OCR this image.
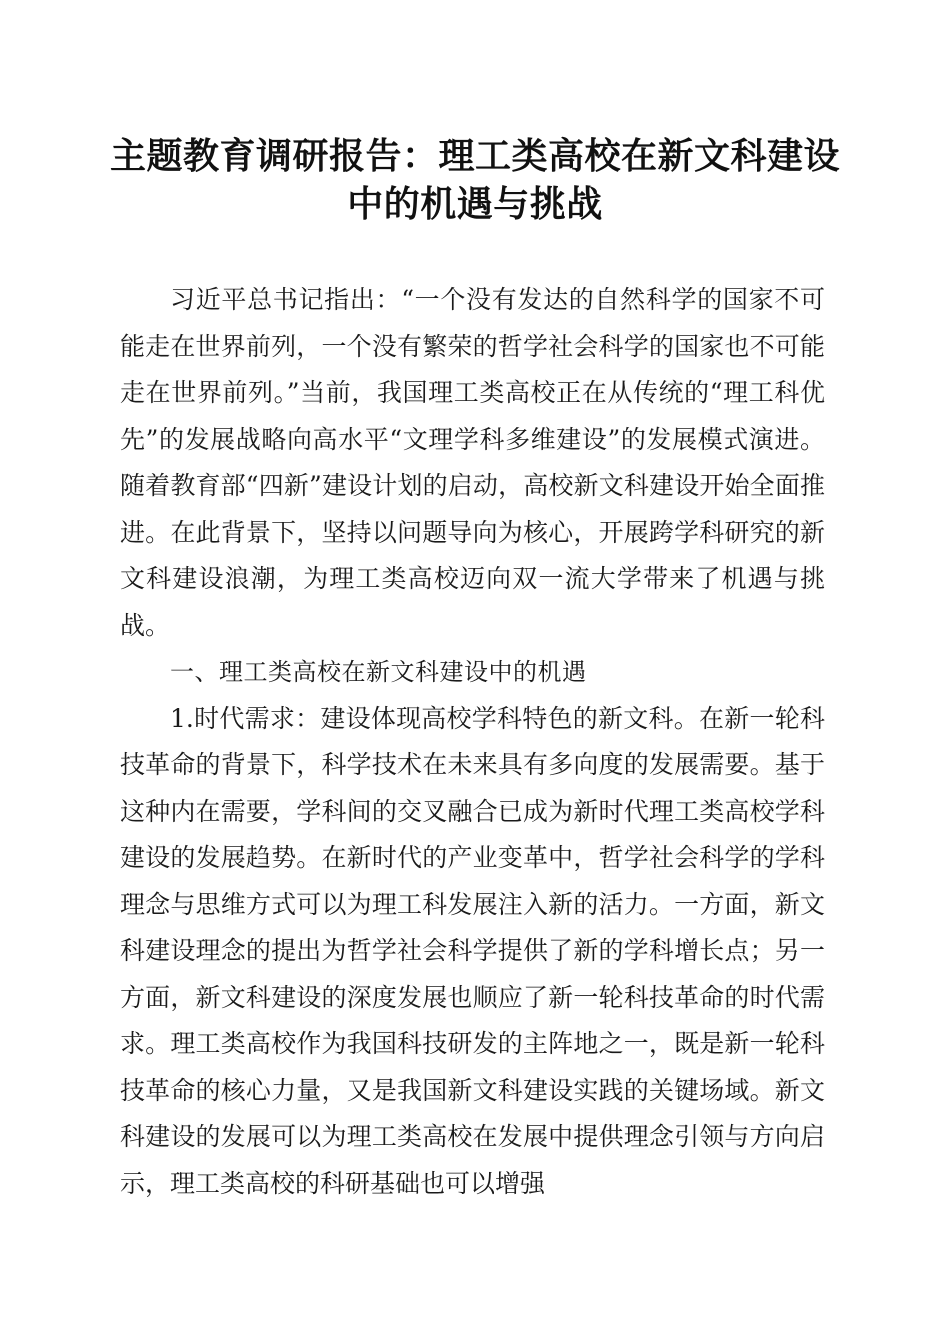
主题教育调研报告：理工类高校在新文科建设
中的机遇与挑战

习近平总书记指出：“一个没有发达的自然科学的国家不可能走在世界前列，一个没有繁荣的哲学社会科学的国家也不可能走在世界前列。”当前，我国理工类高校正在从传统的“理工科优先”的发展战略向高水平“文理学科多维建设”的发展模式演进。随着教育部“四新”建设计划的启动，高校新文科建设开始全面推进。在此背景下，坚持以问题导向为核心，开展跨学科研究的新文科建设浪潮，为理工类高校迈向双一流大学带来了机遇与挑战。

一、理工类高校在新文科建设中的机遇

1.时代需求：建设体现高校学科特色的新文科。在新一轮科技革命的背景下，科学技术在未来具有多向度的发展需要。基于这种内在需要，学科间的交叉融合已成为新时代理工类高校学科建设的发展趋势。在新时代的产业变革中，哲学社会科学的学科理念与思维方式可以为理工科发展注入新的活力。一方面，新文科建设理念的提出为哲学社会科学提供了新的学科增长点；另一方面，新文科建设的深度发展也顺应了新一轮科技革命的时代需求。理工类高校作为我国科技研发的主阵地之一，既是新一轮科技革命的核心力量，又是我国新文科建设实践的关键场域。新文科建设的发展可以为理工类高校在发展中提供理念引领与方向启示，理工类高校的科研基础也可以增强
